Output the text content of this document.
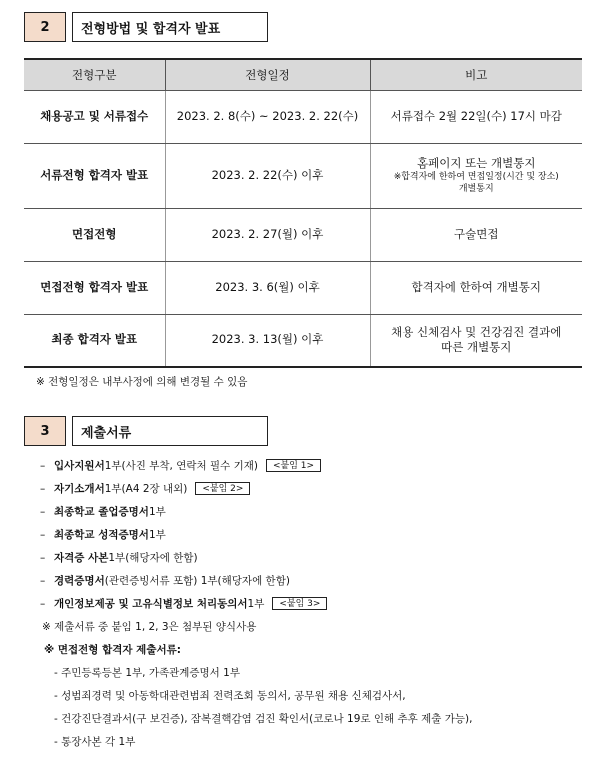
2	전형방법 및 합격자 발표
전형구분	전형일정	비고
채용공고 및 서류접수	2023. 2. 8(수) ~ 2023. 2. 22(수)	서류접수 2월 22일(수) 17시 마감
서류전형 합격자 발표	2023. 2. 22(수) 이후	홈페이지 또는 개별통지
※합격자에 한하여 면접일정(시간 및 장소)
개별통지

면접전형	2023. 2. 27(월) 이후	구술면접
면접전형 합격자 발표	2023. 3. 6(월) 이후	합격자에 한하여 개별통지
최종 합격자 발표	2023. 3. 13(월) 이후	채용 신체검사 및 건강검진 결과에
따른 개별통지
※ 전형일정은 내부사정에 의해 변경될 수 있음
3	제출서류
– 입사지원서 1부(사진 부착, 연락처 필수 기재)	<붙임 1>
– 자기소개서 1부(A4 2장 내외)	<붙임 2>
– 최종학교 졸업증명서 1부
– 최종학교 성적증명서 1부
– 자격증 사본 1부(해당자에 한함)
– 경력증명서 (관련증빙서류 포함) 1부(해당자에 한함)
– 개인정보제공 및 고유식별정보 처리동의서 1부	<붙임 3>
※ 제출서류 중 붙임 1, 2, 3은 첨부된 양식사용
※ 면접전형 합격자 제출서류:
- 주민등록등본 1부, 가족관계증명서 1부
- 성범죄경력 및 아동학대관련범죄 전력조회 동의서, 공무원 채용 신체검사서,
- 건강진단결과서(구 보건증), 잠복결핵감염 검진 확인서(코로나 19로 인해 추후 제출 가능),
- 통장사본 각 1부
